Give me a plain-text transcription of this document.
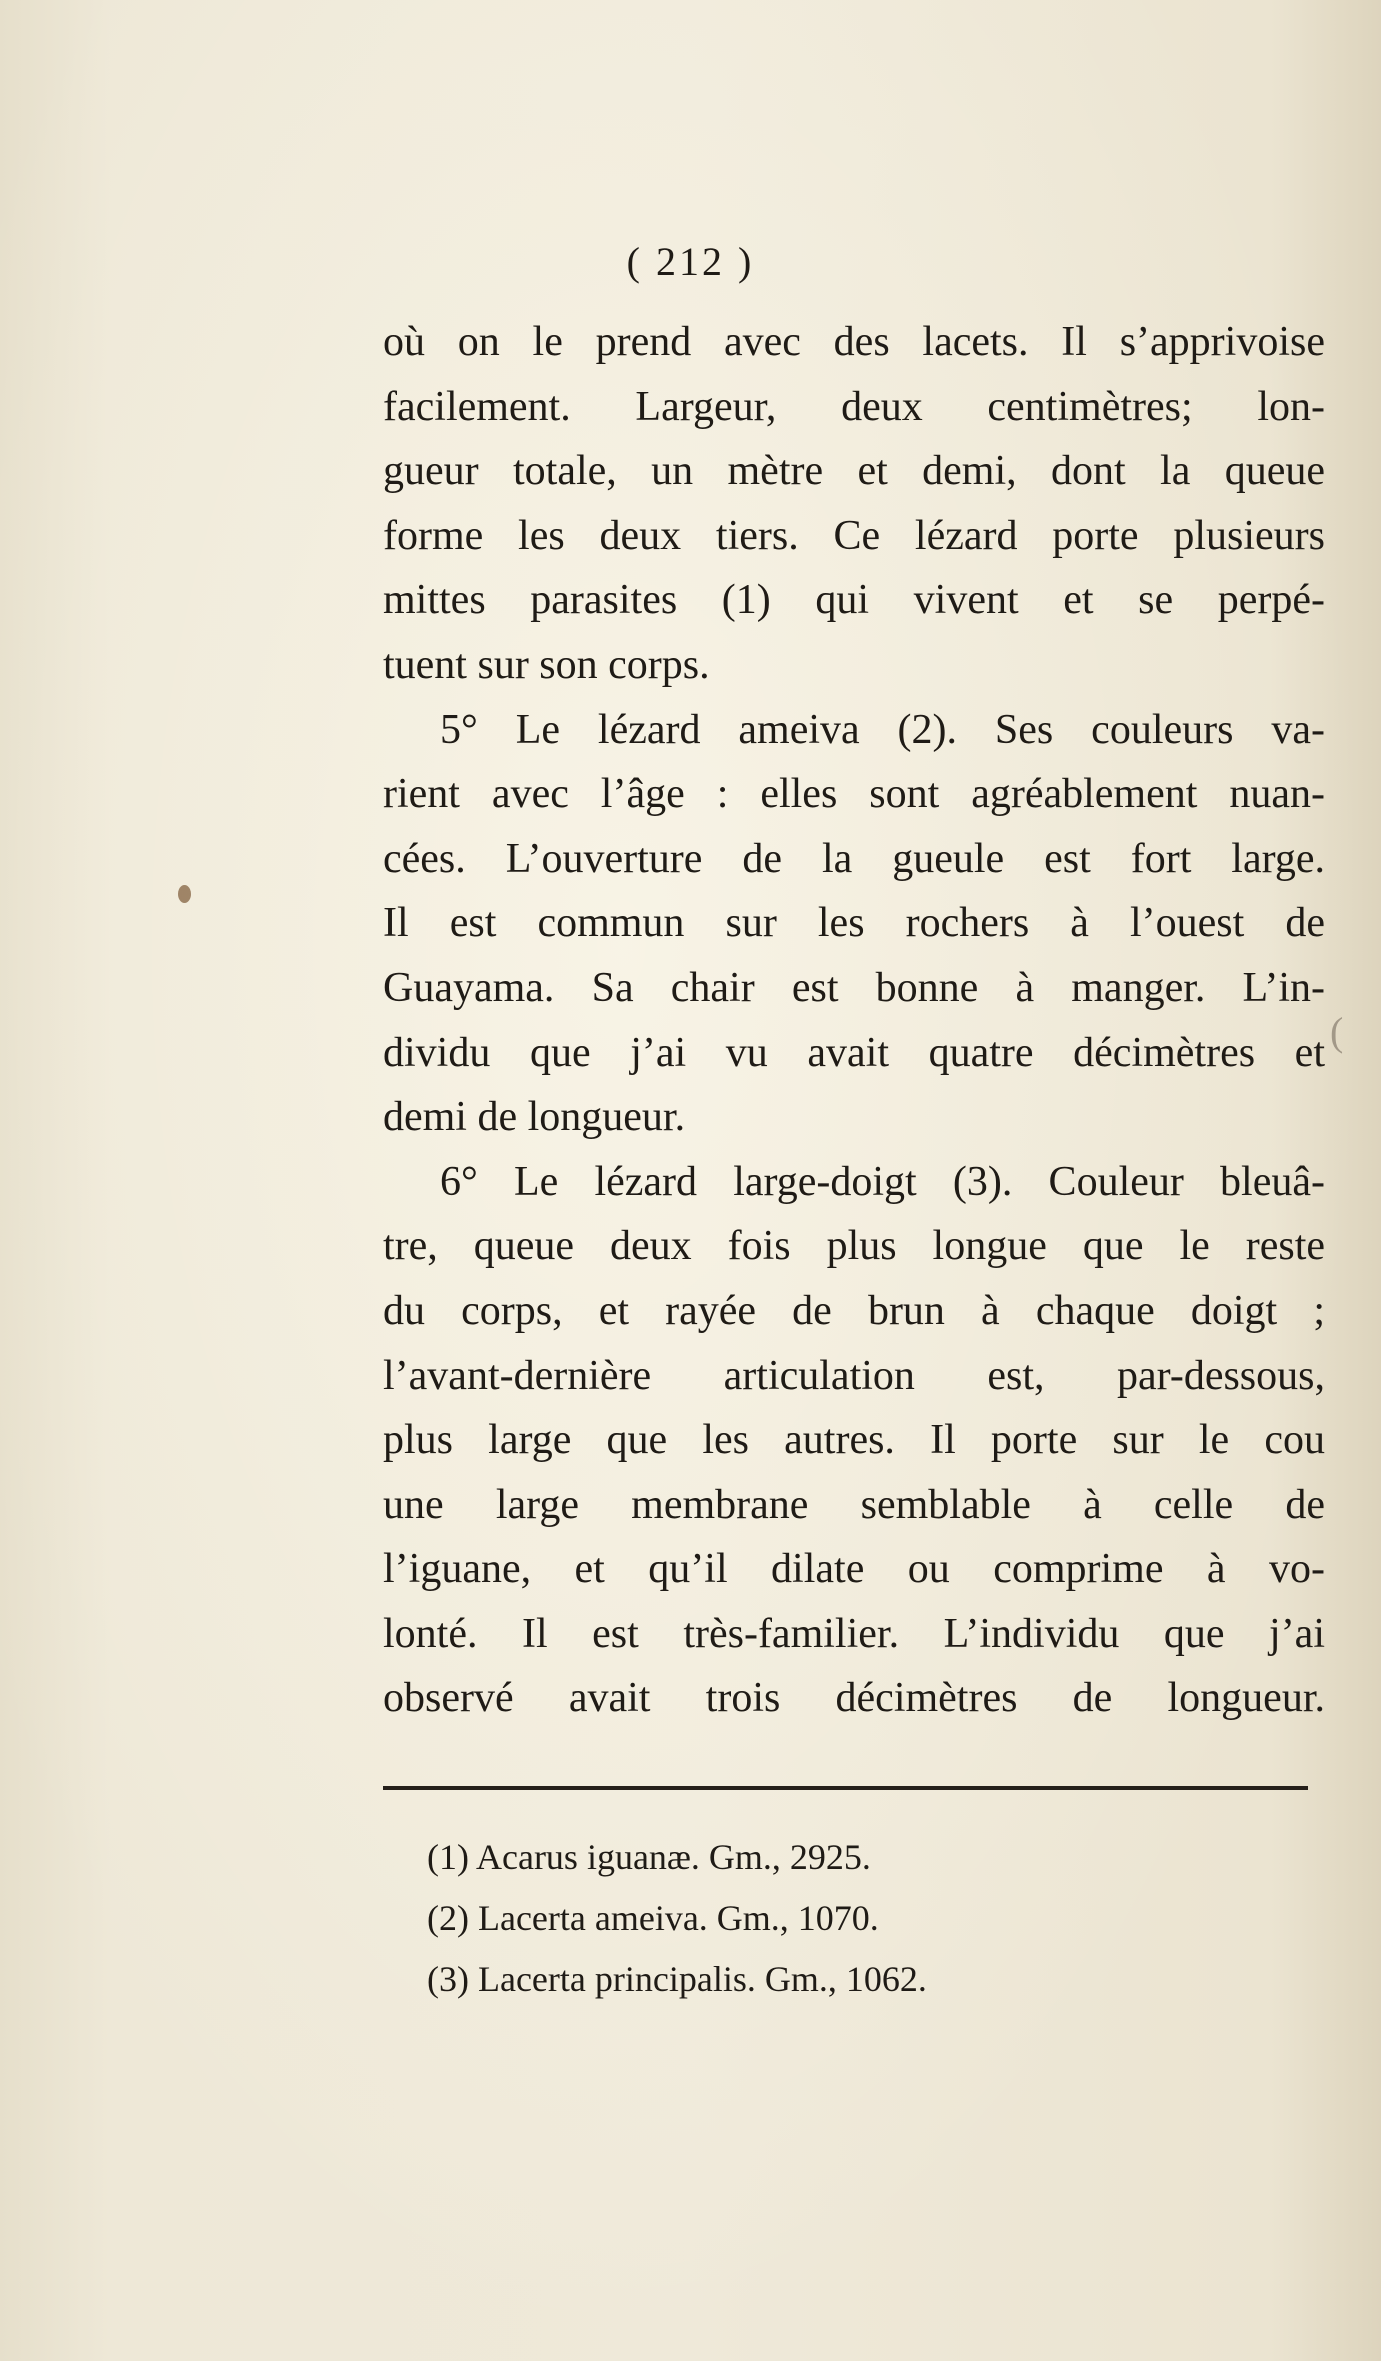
(
( 212 )
où on le prend avec des lacets. Il s’apprivoise
facilement. Largeur, deux centimètres; lon-
gueur totale, un mètre et demi, dont la queue
forme les deux tiers. Ce lézard porte plusieurs
mittes parasites (1) qui vivent et se perpé-
tuent sur son corps.
5° Le lézard ameiva (2). Ses couleurs va-
rient avec l’âge : elles sont agréablement nuan-
cées. L’ouverture de la gueule est fort large.
Il est commun sur les rochers à l’ouest de
Guayama. Sa chair est bonne à manger. L’in-
dividu que j’ai vu avait quatre décimètres et
demi de longueur.
6° Le lézard large-doigt (3). Couleur bleuâ-
tre, queue deux fois plus longue que le reste
du corps, et rayée de brun à chaque doigt ;
l’avant-dernière articulation est, par-dessous,
plus large que les autres. Il porte sur le cou
une large membrane semblable à celle de
l’iguane, et qu’il dilate ou comprime à vo-
lonté. Il est très-familier. L’individu que j’ai
observé avait trois décimètres de longueur.
(1) Acarus iguanæ. Gm., 2925.
(2) Lacerta ameiva. Gm., 1070.
(3) Lacerta principalis. Gm., 1062.
